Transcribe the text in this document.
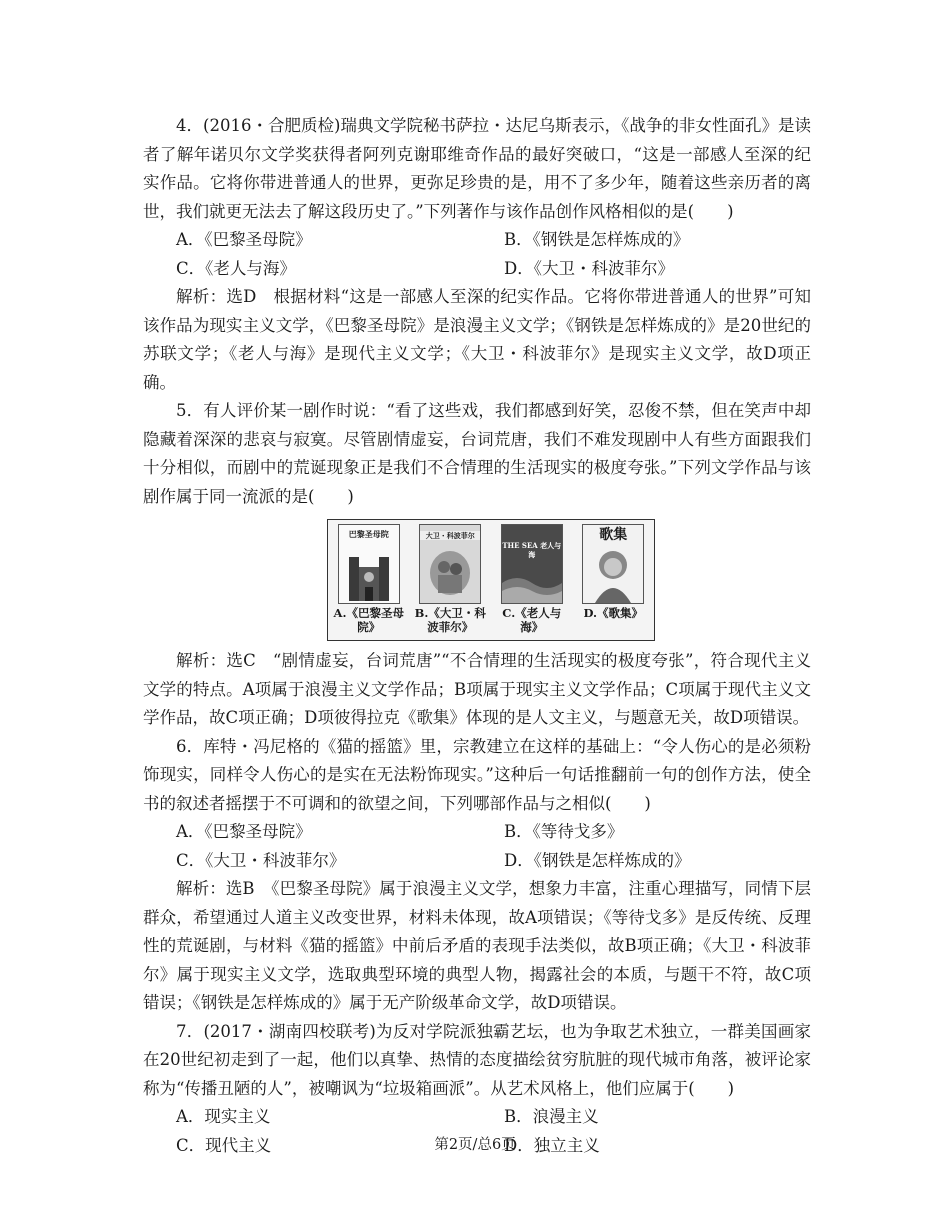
4．(2016・合肥质检)瑞典文学院秘书萨拉・达尼乌斯表示，《战争的非女性面孔》是读者了解年诺贝尔文学奖获得者阿列克谢耶维奇作品的最好突破口，“这是一部感人至深的纪实作品。它将你带进普通人的世界，更弥足珍贵的是，用不了多少年，随着这些亲历者的离世，我们就更无法去了解这段历史了。”下列著作与该作品创作风格相似的是(　　)

A．《巴黎圣母院》	B．《钢铁是怎样炼成的》
C．《老人与海》	D．《大卫・科波菲尔》

解析：选D　根据材料“这是一部感人至深的纪实作品。它将你带进普通人的世界”可知该作品为现实主义文学，《巴黎圣母院》是浪漫主义文学；《钢铁是怎样炼成的》是20世纪的苏联文学；《老人与海》是现代主义文学；《大卫・科波菲尔》是现实主义文学，故D项正确。

5．有人评价某一剧作时说：“看了这些戏，我们都感到好笑，忍俊不禁，但在笑声中却隐藏着深深的悲哀与寂寞。尽管剧情虚妄，台词荒唐，我们不难发现剧中人有些方面跟我们十分相似，而剧中的荒诞现象正是我们不合情理的生活现实的极度夸张。”下列文学作品与该剧作属于同一流派的是(　　)

巴黎圣母院
A.《巴黎圣母院》
大卫・科波菲尔
B.《大卫・科波菲尔》
THE SEA 老人与海
C.《老人与海》
歌集
D.《歌集》

解析：选C　“剧情虚妄，台词荒唐”“不合情理的生活现实的极度夸张”，符合现代主义文学的特点。A项属于浪漫主义文学作品；B项属于现实主义文学作品；C项属于现代主义文学作品，故C项正确；D项彼得拉克《歌集》体现的是人文主义，与题意无关，故D项错误。

6．库特・冯尼格的《猫的摇篮》里，宗教建立在这样的基础上：“令人伤心的是必须粉饰现实，同样令人伤心的是实在无法粉饰现实。”这种后一句话推翻前一句的创作方法，使全书的叙述者摇摆于不可调和的欲望之间，下列哪部作品与之相似(　　)

A．《巴黎圣母院》	B．《等待戈多》
C．《大卫・科波菲尔》	D．《钢铁是怎样炼成的》

解析：选B　《巴黎圣母院》属于浪漫主义文学，想象力丰富，注重心理描写，同情下层群众，希望通过人道主义改变世界，材料未体现，故A项错误；《等待戈多》是反传统、反理性的荒诞剧，与材料《猫的摇篮》中前后矛盾的表现手法类似，故B项正确；《大卫・科波菲尔》属于现实主义文学，选取典型环境的典型人物，揭露社会的本质，与题干不符，故C项错误；《钢铁是怎样炼成的》属于无产阶级革命文学，故D项错误。

7．(2017・湖南四校联考)为反对学院派独霸艺坛，也为争取艺术独立，一群美国画家在20世纪初走到了一起，他们以真挚、热情的态度描绘贫穷肮脏的现代城市角落，被评论家称为“传播丑陋的人”，被嘲讽为“垃圾箱画派”。从艺术风格上，他们应属于(　　)

A．现实主义	B．浪漫主义
C．现代主义	D．独立主义
第2页/总6页
